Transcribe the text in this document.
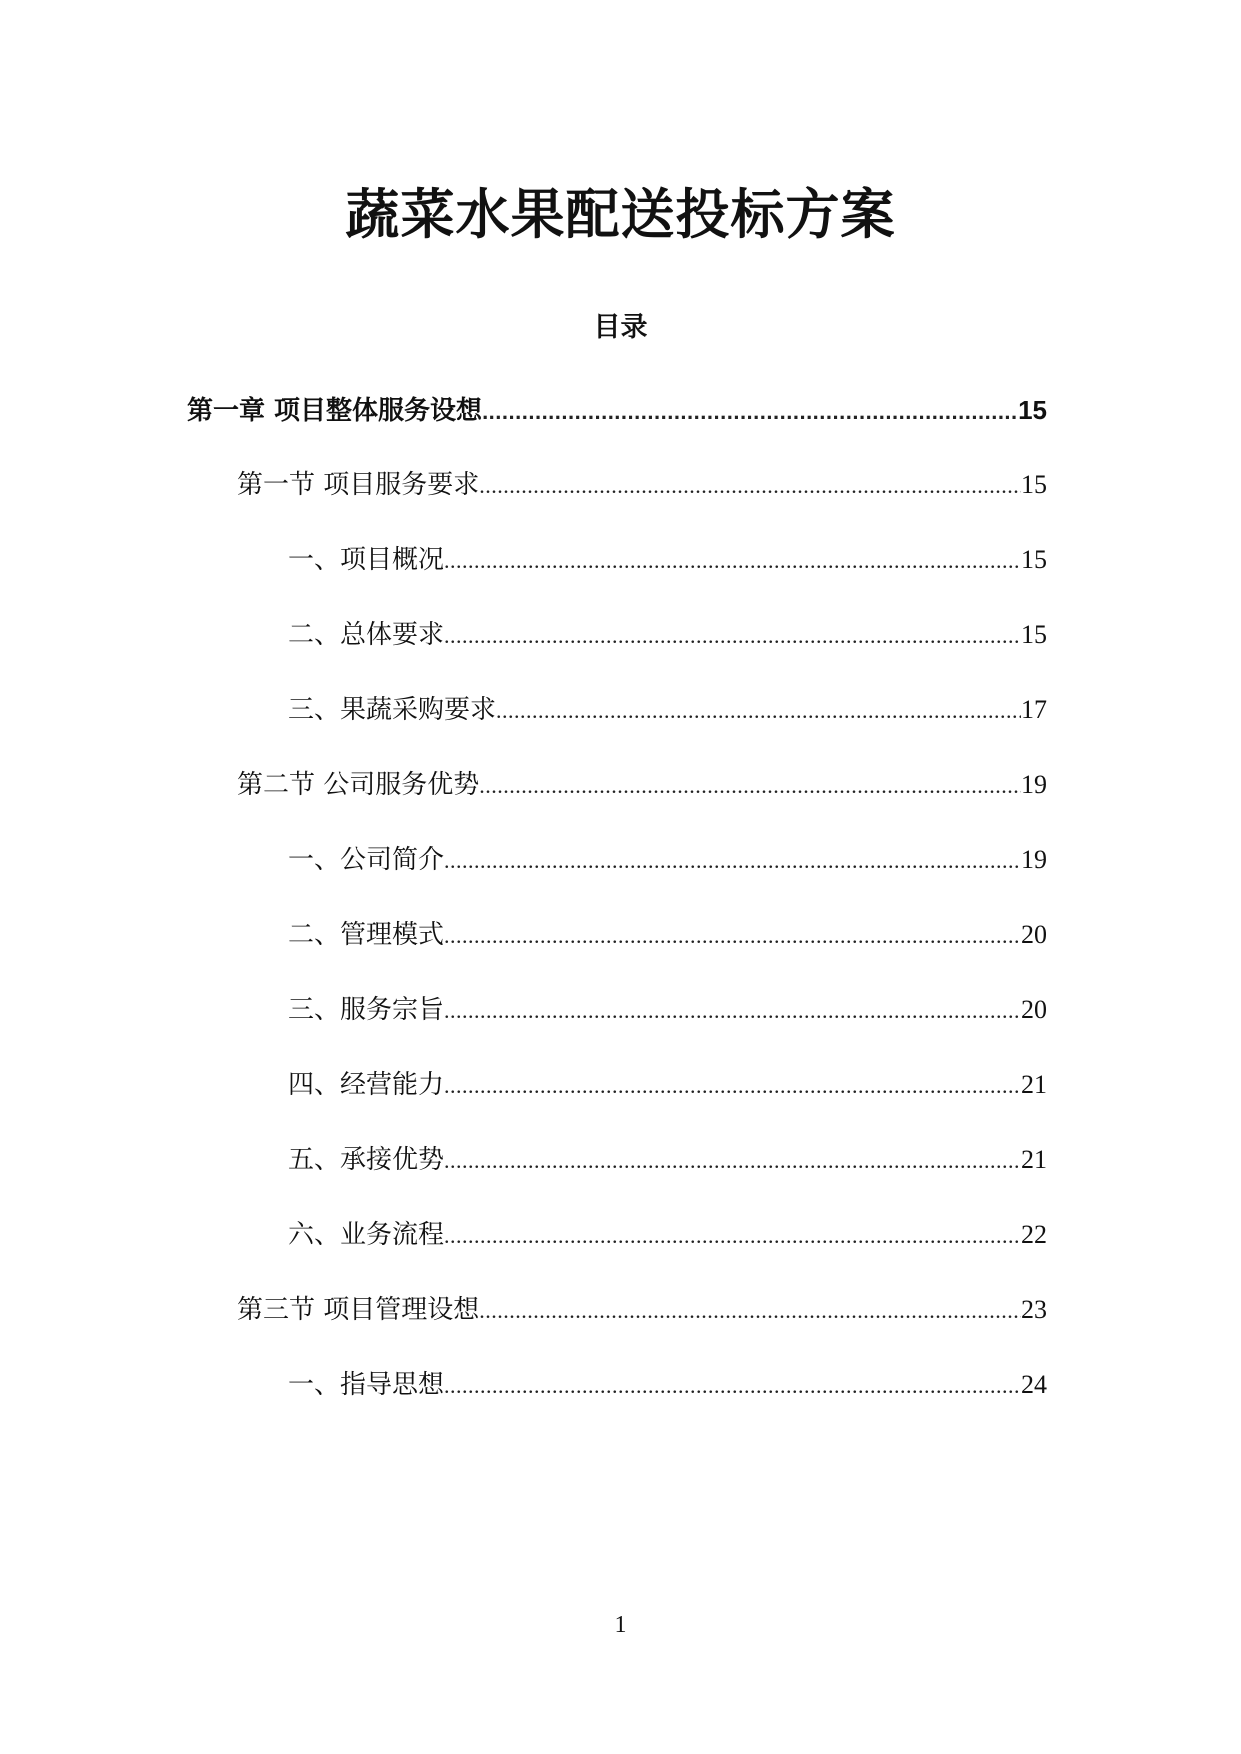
蔬菜水果配送投标方案
目录
第一章 项目整体服务设想 .....	15
第一节 项目服务要求 .....	15
一、项目概况 .....	15
二、总体要求 .....	15
三、果蔬采购要求 .....	17
第二节 公司服务优势 .....	19
一、公司简介 .....	19
二、管理模式 .....	20
三、服务宗旨 .....	20
四、经营能力 .....	21
五、承接优势 .....	21
六、业务流程 .....	22
第三节 项目管理设想 .....	23
一、指导思想 .....	24
1
